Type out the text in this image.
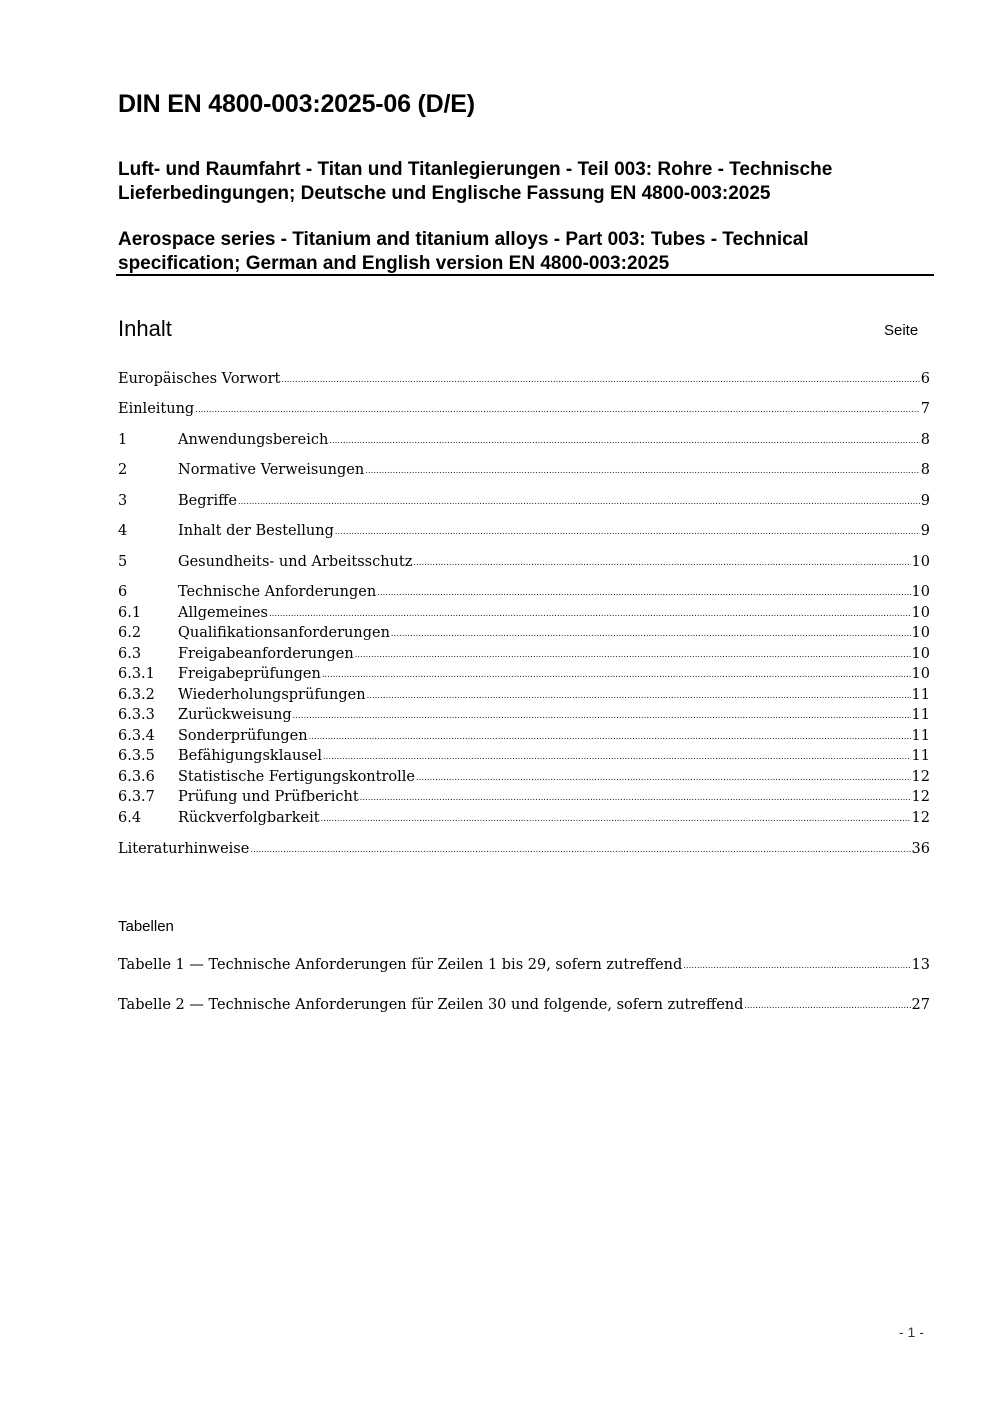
DIN EN 4800-003:2025-06 (D/E)
Luft- und Raumfahrt - Titan und Titanlegierungen - Teil 003: Rohre - Technische
Lieferbedingungen; Deutsche und Englische Fassung EN 4800-003:2025
Aerospace series - Titanium and titanium alloys - Part 003: Tubes - Technical
specification; German and English version EN 4800-003:2025
Inhalt	Seite
Europäisches Vorwort .....	6
Einleitung .....	7
1	Anwendungsbereich .....	8
2	Normative Verweisungen .....	8
3	Begriffe .....	9
4	Inhalt der Bestellung .....	9
5	Gesundheits- und Arbeitsschutz .....	10
6	Technische Anforderungen .....	10
6.1	Allgemeines .....	10
6.2	Qualifikationsanforderungen .....	10
6.3	Freigabeanforderungen .....	10
6.3.1	Freigabeprüfungen .....	10
6.3.2	Wiederholungsprüfungen .....	11
6.3.3	Zurückweisung .....	11
6.3.4	Sonderprüfungen .....	11
6.3.5	Befähigungsklausel .....	11
6.3.6	Statistische Fertigungskontrolle .....	12
6.3.7	Prüfung und Prüfbericht .....	12
6.4	Rückverfolgbarkeit .....	12
Literaturhinweise .....	36
Tabellen
Tabelle 1 — Technische Anforderungen für Zeilen 1 bis 29, sofern zutreffend .....	13
Tabelle 2 — Technische Anforderungen für Zeilen 30 und folgende, sofern zutreffend .....	27
- 1 -
